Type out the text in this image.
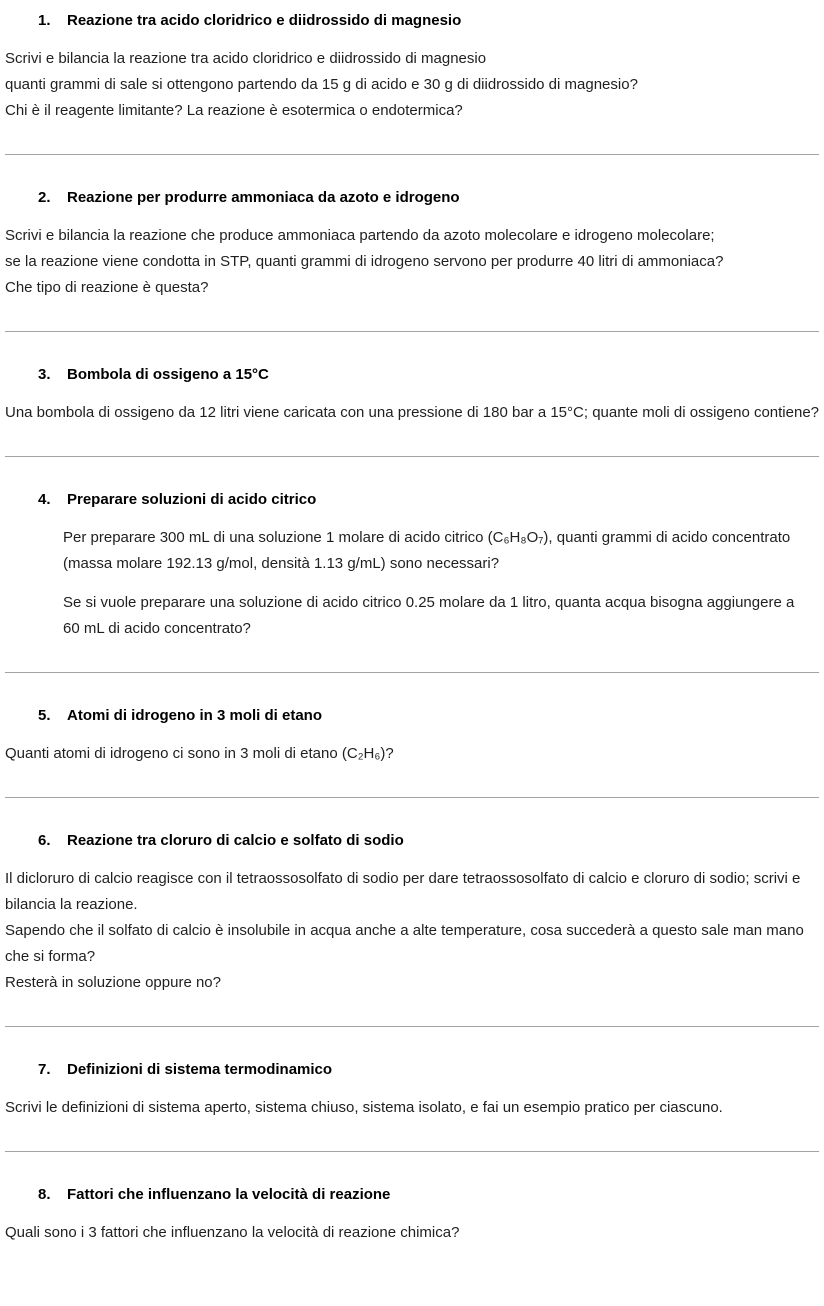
1.	Reazione tra acido cloridrico e diidrossido di magnesio

Scrivi e bilancia la reazione tra acido cloridrico e diidrossido di magnesio

quanti grammi di sale si ottengono partendo da 15 g di acido e 30 g di diidrossido di magnesio?

Chi è il reagente limitante? La reazione è esotermica o endotermica?

2.	Reazione per produrre ammoniaca da azoto e idrogeno

Scrivi e bilancia la reazione che produce ammoniaca partendo da azoto molecolare e idrogeno molecolare;

se la reazione viene condotta in STP, quanti grammi di idrogeno servono per produrre 40 litri di ammoniaca?

Che tipo di reazione è questa?

3.	Bombola di ossigeno a 15°C

Una bombola di ossigeno da 12 litri viene caricata con una pressione di 180 bar a 15°C; quante moli di ossigeno contiene?

4.	Preparare soluzioni di acido citrico

Per preparare 300 mL di una soluzione 1 molare di acido citrico (C₆H₈O₇), quanti grammi di acido concentrato (massa molare 192.13 g/mol, densità 1.13 g/mL) sono necessari?

Se si vuole preparare una soluzione di acido citrico 0.25 molare da 1 litro, quanta acqua bisogna aggiungere a 60 mL di acido concentrato?

5.	Atomi di idrogeno in 3 moli di etano

Quanti atomi di idrogeno ci sono in 3 moli di etano (C₂H₆)?

6.	Reazione tra cloruro di calcio e solfato di sodio

Il dicloruro di calcio reagisce con il tetraossosolfato di sodio per dare tetraossosolfato di calcio e cloruro di sodio; scrivi e bilancia la reazione.

Sapendo che il solfato di calcio è insolubile in acqua anche a alte temperature, cosa succederà a questo sale man mano che si forma?

Resterà in soluzione oppure no?

7.	Definizioni di sistema termodinamico

Scrivi le definizioni di sistema aperto, sistema chiuso, sistema isolato, e fai un esempio pratico per ciascuno.

8.	Fattori che influenzano la velocità di reazione

Quali sono i 3 fattori che influenzano la velocità di reazione chimica?
